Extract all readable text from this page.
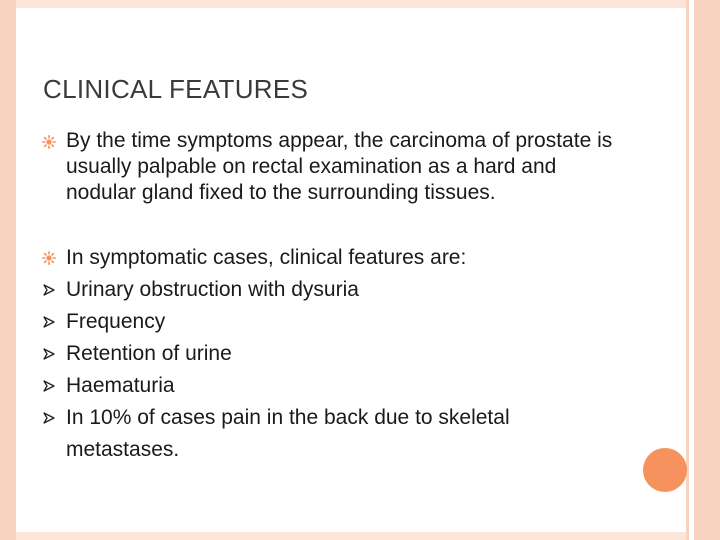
CLINICAL FEATURES
By the time symptoms appear, the carcinoma of prostate is usually palpable on rectal examination as a hard and nodular gland fixed to the surrounding tissues.
In symptomatic cases, clinical features are:
Urinary obstruction with dysuria
Frequency
Retention of urine
Haematuria
In 10% of cases pain in the back due to skeletal metastases.
